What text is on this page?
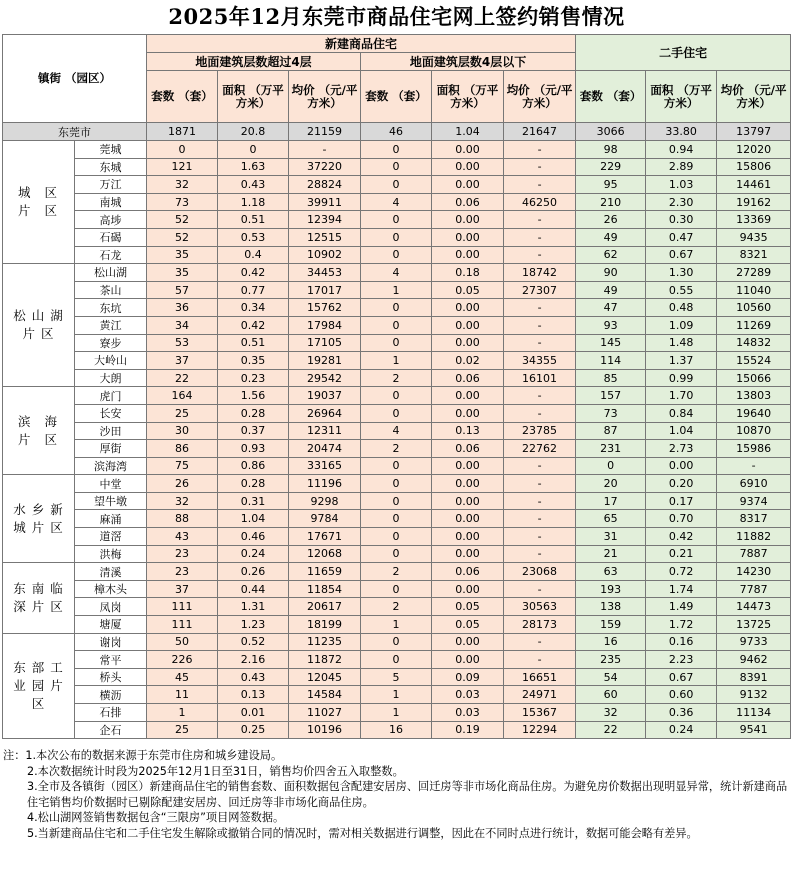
2025年12月东莞市商品住宅网上签约销售情况
镇街 （园区）		新建商品住宅						二手住宅		
		地面建筑层数超过4层			地面建筑层数4层以下					
		套数 （套）	面积 （万平方米）	均价 （元/平方米）	套数 （套）	面积 （万平方米）	均价 （元/平方米）	套数 （套）	面积 （万平方米）	均价 （元/平方米）
东莞市		1871	20.8	21159	46	1.04	21647	3066	33.80	13797
城区片区	莞城	0	0	-	0	0.00	-	98	0.94	12020
	东城	121	1.63	37220	0	0.00	-	229	2.89	15806
	万江	32	0.43	28824	0	0.00	-	95	1.03	14461
	南城	73	1.18	39911	4	0.06	46250	210	2.30	19162
	高埗	52	0.51	12394	0	0.00	-	26	0.30	13369
	石碣	52	0.53	12515	0	0.00	-	49	0.47	9435
	石龙	35	0.4	10902	0	0.00	-	62	0.67	8321
松山湖片区	松山湖	35	0.42	34453	4	0.18	18742	90	1.30	27289
	茶山	57	0.77	17017	1	0.05	27307	49	0.55	11040
	东坑	36	0.34	15762	0	0.00	-	47	0.48	10560
	黄江	34	0.42	17984	0	0.00	-	93	1.09	11269
	寮步	53	0.51	17105	0	0.00	-	145	1.48	14832
	大岭山	37	0.35	19281	1	0.02	34355	114	1.37	15524
	大朗	22	0.23	29542	2	0.06	16101	85	0.99	15066
滨海片区	虎门	164	1.56	19037	0	0.00	-	157	1.70	13803
	长安	25	0.28	26964	0	0.00	-	73	0.84	19640
	沙田	30	0.37	12311	4	0.13	23785	87	1.04	10870
	厚街	86	0.93	20474	2	0.06	22762	231	2.73	15986
	滨海湾	75	0.86	33165	0	0.00	-	0	0.00	-
水乡新城片区	中堂	26	0.28	11196	0	0.00	-	20	0.20	6910
	望牛墩	32	0.31	9298	0	0.00	-	17	0.17	9374
	麻涌	88	1.04	9784	0	0.00	-	65	0.70	8317
	道滘	43	0.46	17671	0	0.00	-	31	0.42	11882
	洪梅	23	0.24	12068	0	0.00	-	21	0.21	7887
东南临深片区	清溪	23	0.26	11659	2	0.06	23068	63	0.72	14230
	樟木头	37	0.44	11854	0	0.00	-	193	1.74	7787
	凤岗	111	1.31	20617	2	0.05	30563	138	1.49	14473
	塘厦	111	1.23	18199	1	0.05	28173	159	1.72	13725
东部工业园片区	谢岗	50	0.52	11235	0	0.00	-	16	0.16	9733
	常平	226	2.16	11872	0	0.00	-	235	2.23	9462
	桥头	45	0.43	12045	5	0.09	16651	54	0.67	8391
	横沥	11	0.13	14584	1	0.03	24971	60	0.60	9132
	石排	1	0.01	11027	1	0.03	15367	32	0.36	11134
	企石	25	0.25	10196	16	0.19	12294	22	0.24	9541

注：1.本次公布的数据来源于东莞市住房和城乡建设局。

2.本次数据统计时段为2025年12月1日至31日，销售均价四舍五入取整数。

3.全市及各镇街（园区）新建商品住宅的销售套数、面积数据包含配建安居房、回迁房等非市场化商品住房。为避免房价数据出现明显异常，统计新建商品住宅销售均价数据时已剔除配建安居房、回迁房等非市场化商品住房。

4.松山湖网签销售数据包含“三限房”项目网签数据。

5.当新建商品住宅和二手住宅发生解除或撤销合同的情况时，需对相关数据进行调整，因此在不同时点进行统计，数据可能会略有差异。
